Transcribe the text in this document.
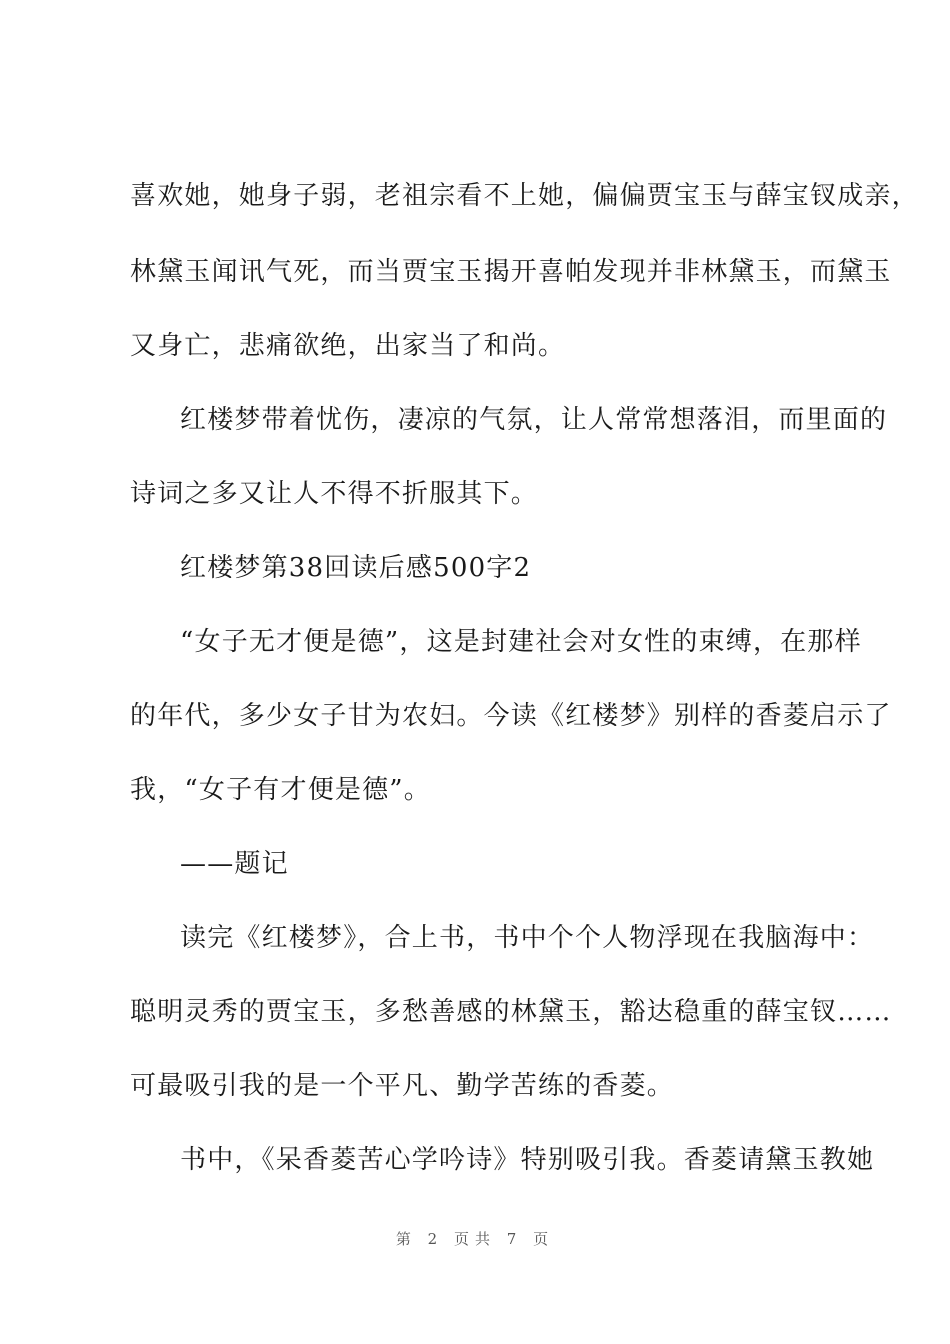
喜欢她，她身子弱，老祖宗看不上她，偏偏贾宝玉与薛宝钗成亲，
林黛玉闻讯气死，而当贾宝玉揭开喜帕发现并非林黛玉，而黛玉
又身亡，悲痛欲绝，出家当了和尚。
红楼梦带着忧伤，凄凉的气氛，让人常常想落泪，而里面的
诗词之多又让人不得不折服其下。
红楼梦第38回读后感500字2
“女子无才便是德”，这是封建社会对女性的束缚，在那样
的年代，多少女子甘为农妇。今读《红楼梦》别样的香菱启示了
我，“女子有才便是德”。
——题记
读完《红楼梦》，合上书，书中个个人物浮现在我脑海中：
聪明灵秀的贾宝玉，多愁善感的林黛玉，豁达稳重的薛宝钗……
可最吸引我的是一个平凡、勤学苦练的香菱。
书中，《呆香菱苦心学吟诗》特别吸引我。香菱请黛玉教她
第 2 页共 7 页
